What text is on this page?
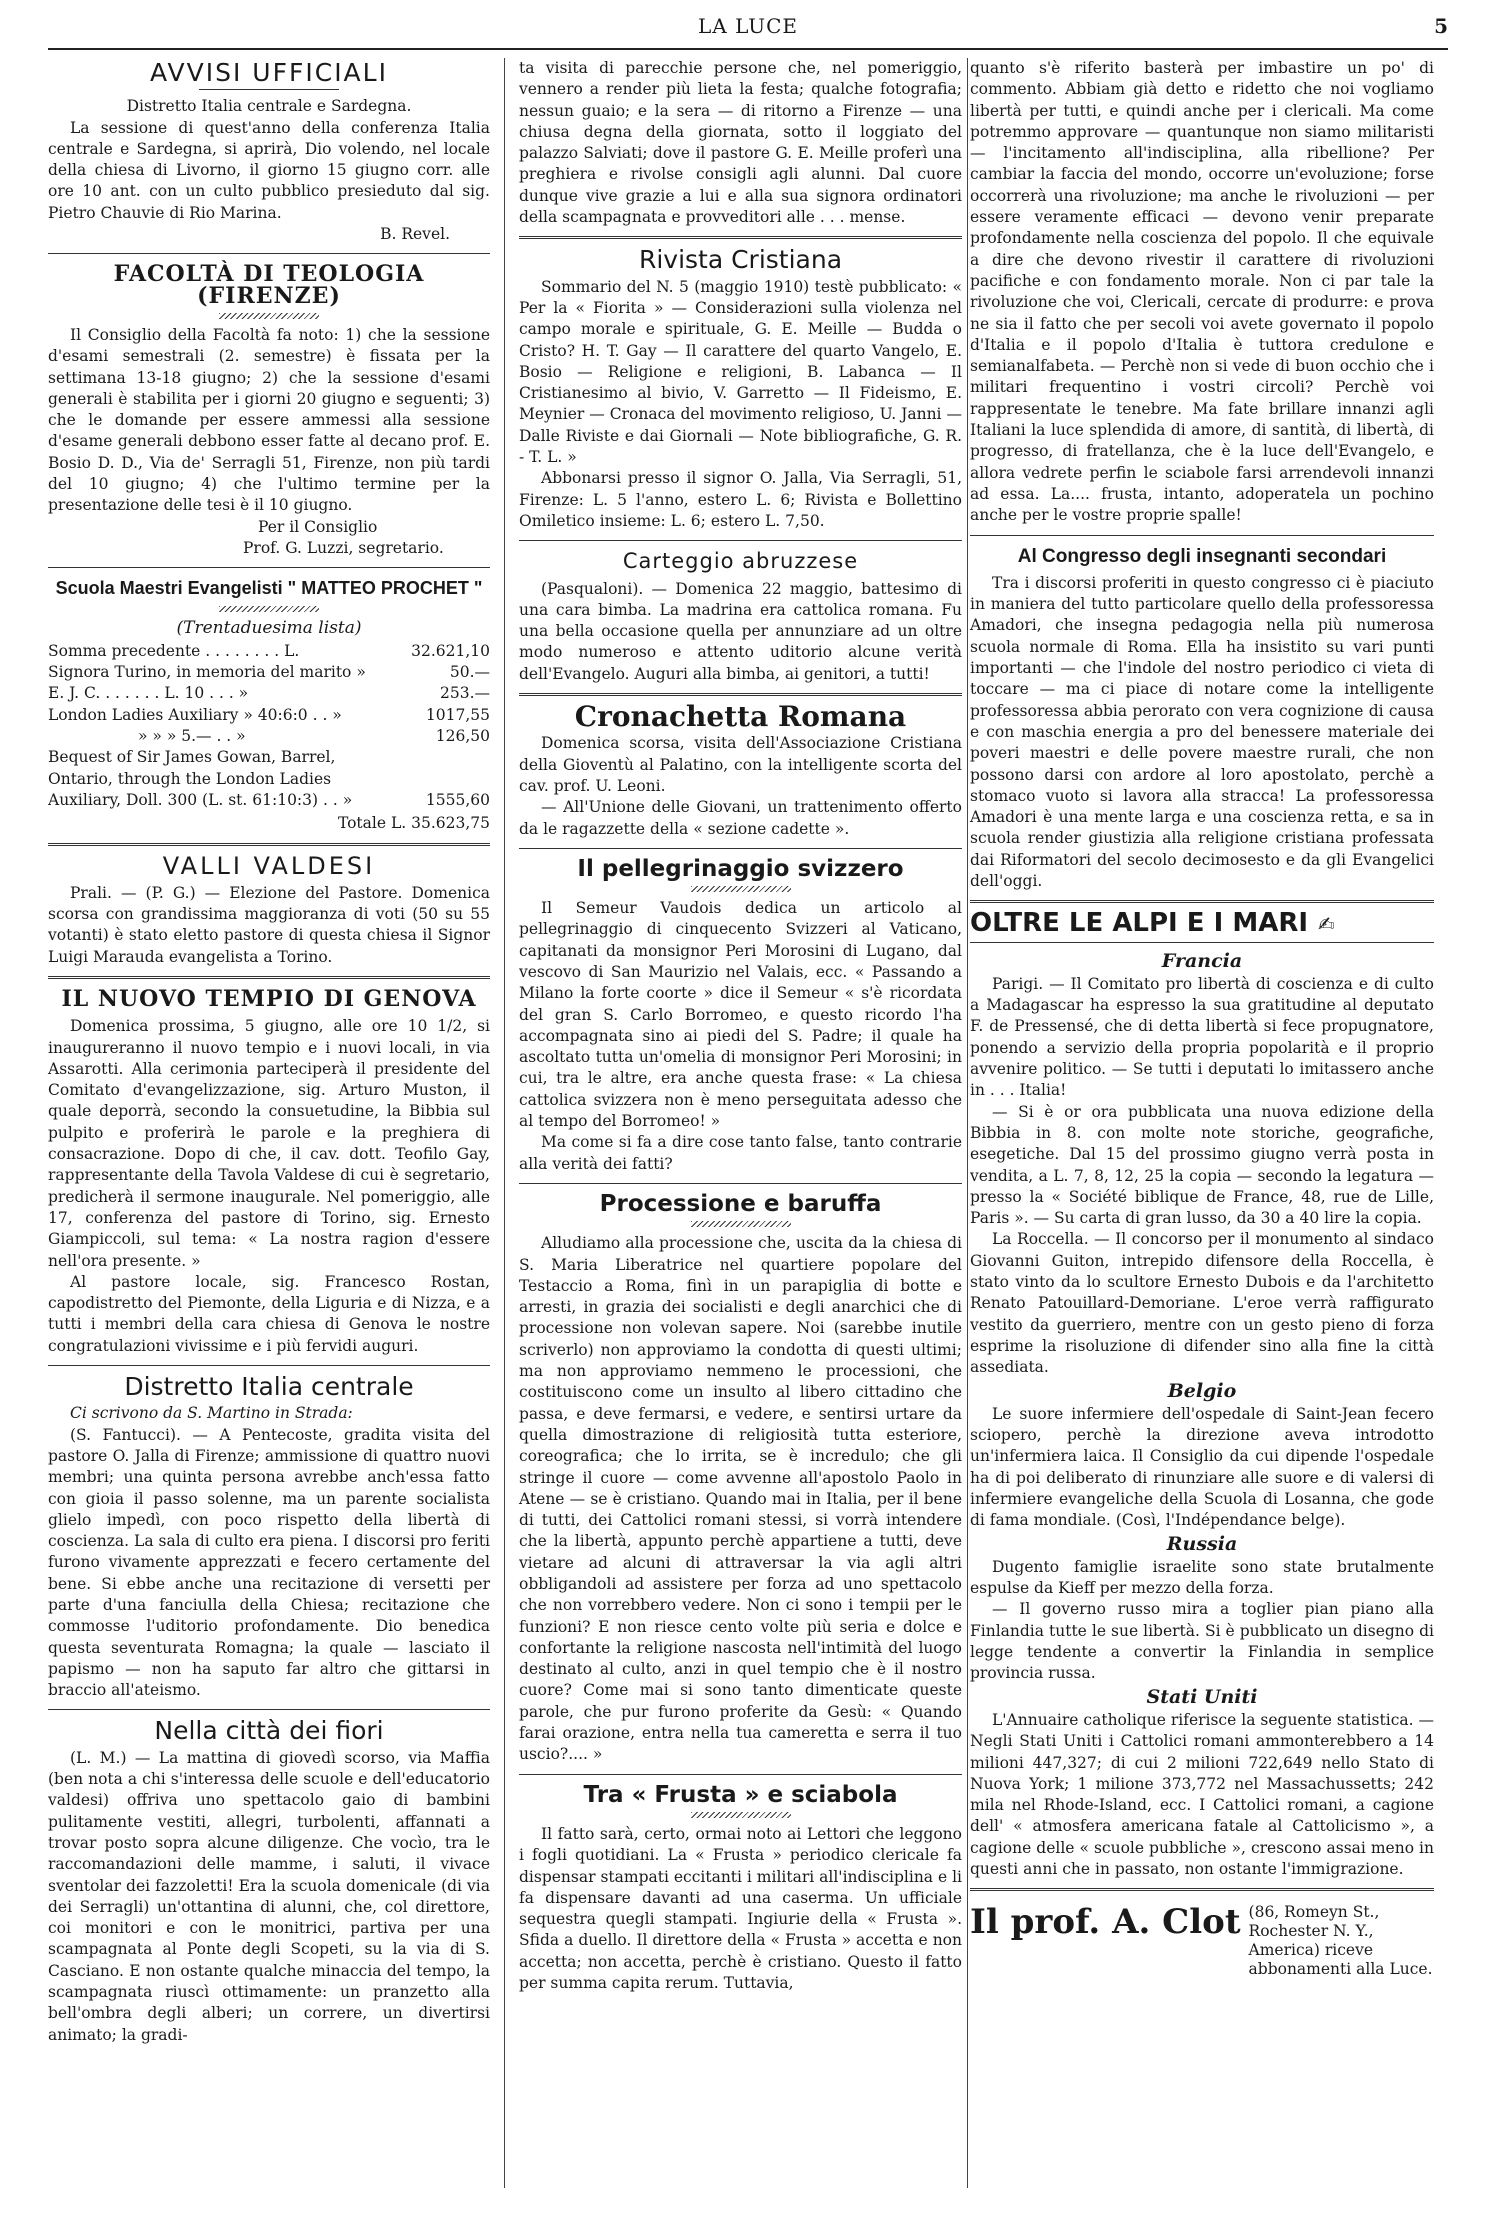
LA LUCE	5
AVVISI UFFICIALI

Distretto Italia centrale e Sardegna.

La sessione di quest'anno della conferenza Italia centrale e Sardegna, si aprirà, Dio volendo, nel locale della chiesa di Livorno, il giorno 15 giugno corr. alle ore 10 ant. con un culto pubblico presieduto dal sig. Pietro Chauvie di Rio Marina.

B. Revel.

FACOLTÀ DI TEOLOGIA (FIRENZE)

Il Consiglio della Facoltà fa noto: 1) che la sessione d'esami semestrali (2. semestre) è fissata per la settimana 13-18 giugno; 2) che la sessione d'esami generali è stabilita per i giorni 20 giugno e seguenti; 3) che le domande per essere ammessi alla sessione d'esame generali debbono esser fatte al decano prof. E. Bosio D. D., Via de' Serragli 51, Firenze, non più tardi del 10 giugno; 4) che l'ultimo termine per la presentazione delle tesi è il 10 giugno.

Per il Consiglio

Prof. G. Luzzi, segretario.

Scuola Maestri Evangelisti " MATTEO PROCHET "

(Trentaduesima lista)

Somma precedente . . . . . . . . L.	32.621,10
Signora Turino, in memoria del marito »	50.—
E. J. C. . . . . . . L. 10 . . . »	253.—
London Ladies Auxiliary » 40:6:0 . . »	1017,55
» » » 5.— . . »	126,50
Bequest of Sir James Gowan, Barrel,
Ontario, through the London Ladies
Auxiliary, Doll. 300 (L. st. 61:10:3) . . »	1555,60
Totale L. 35.623,75
VALLI VALDESI

Prali. — (P. G.) — Elezione del Pastore. Domenica scorsa con grandissima maggioranza di voti (50 su 55 votanti) è stato eletto pastore di questa chiesa il Signor Luigi Marauda evangelista a Torino.

IL NUOVO TEMPIO DI GENOVA

Domenica prossima, 5 giugno, alle ore 10 1/2, si inaugureranno il nuovo tempio e i nuovi locali, in via Assarotti. Alla cerimonia parteciperà il presidente del Comitato d'evangelizzazione, sig. Arturo Muston, il quale deporrà, secondo la consuetudine, la Bibbia sul pulpito e proferirà le parole e la preghiera di consacrazione. Dopo di che, il cav. dott. Teofilo Gay, rappresentante della Tavola Valdese di cui è segretario, predicherà il sermone inaugurale. Nel pomeriggio, alle 17, conferenza del pastore di Torino, sig. Ernesto Giampiccoli, sul tema: « La nostra ragion d'essere nell'ora presente. »

Al pastore locale, sig. Francesco Rostan, capodistretto del Piemonte, della Liguria e di Nizza, e a tutti i membri della cara chiesa di Genova le nostre congratulazioni vivissime e i più fervidi auguri.

Distretto Italia centrale

Ci scrivono da S. Martino in Strada:

(S. Fantucci). — A Pentecoste, gradita visita del pastore O. Jalla di Firenze; ammissione di quattro nuovi membri; una quinta persona avrebbe anch'essa fatto con gioia il passo solenne, ma un parente socialista glielo impedì, con poco rispetto della libertà di coscienza. La sala di culto era piena. I discorsi pro feriti furono vivamente apprezzati e fecero certamente del bene. Si ebbe anche una recitazione di versetti per parte d'una fanciulla della Chiesa; recitazione che commosse l'uditorio profondamente. Dio benedica questa seventurata Romagna; la quale — lasciato il papismo — non ha saputo far altro che gittarsi in braccio all'ateismo.

Nella città dei fiori

(L. M.) — La mattina di giovedì scorso, via Maffia (ben nota a chi s'interessa delle scuole e dell'educatorio valdesi) offriva uno spettacolo gaio di bambini pulitamente vestiti, allegri, turbolenti, affannati a trovar posto sopra alcune diligenze. Che vocìo, tra le raccomandazioni delle mamme, i saluti, il vivace sventolar dei fazzoletti! Era la scuola domenicale (di via dei Serragli) un'ottantina di alunni, che, col direttore, coi monitori e con le monitrici, partiva per una scampagnata al Ponte degli Scopeti, su la via di S. Casciano. E non ostante qualche minaccia del tempo, la scampagnata riuscì ottimamente: un pranzetto alla bell'ombra degli alberi; un correre, un divertirsi animato; la gradi-

ta visita di parecchie persone che, nel pomeriggio, vennero a render più lieta la festa; qualche fotografia; nessun guaio; e la sera — di ritorno a Firenze — una chiusa degna della giornata, sotto il loggiato del palazzo Salviati; dove il pastore G. E. Meille proferì una preghiera e rivolse consigli agli alunni. Dal cuore dunque vive grazie a lui e alla sua signora ordinatori della scampagnata e provveditori alle . . . mense.

Rivista Cristiana

Sommario del N. 5 (maggio 1910) testè pubblicato: « Per la « Fiorita » — Considerazioni sulla violenza nel campo morale e spirituale, G. E. Meille — Budda o Cristo? H. T. Gay — Il carattere del quarto Vangelo, E. Bosio — Religione e religioni, B. Labanca — Il Cristianesimo al bivio, V. Garretto — Il Fideismo, E. Meynier — Cronaca del movimento religioso, U. Janni — Dalle Riviste e dai Giornali — Note bibliografiche, G. R. - T. L. »

Abbonarsi presso il signor O. Jalla, Via Serragli, 51, Firenze: L. 5 l'anno, estero L. 6; Rivista e Bollettino Omiletico insieme: L. 6; estero L. 7,50.

Carteggio abruzzese

(Pasqualoni). — Domenica 22 maggio, battesimo di una cara bimba. La madrina era cattolica romana. Fu una bella occasione quella per annunziare ad un oltre modo numeroso e attento uditorio alcune verità dell'Evangelo. Auguri alla bimba, ai genitori, a tutti!

Cronachetta Romana

Domenica scorsa, visita dell'Associazione Cristiana della Gioventù al Palatino, con la intelligente scorta del cav. prof. U. Leoni.

— All'Unione delle Giovani, un trattenimento offerto da le ragazzette della « sezione cadette ».

Il pellegrinaggio svizzero

Il Semeur Vaudois dedica un articolo al pellegrinaggio di cinquecento Svizzeri al Vaticano, capitanati da monsignor Peri Morosini di Lugano, dal vescovo di San Maurizio nel Valais, ecc. « Passando a Milano la forte coorte » dice il Semeur « s'è ricordata del gran S. Carlo Borromeo, e questo ricordo l'ha accompagnata sino ai piedi del S. Padre; il quale ha ascoltato tutta un'omelia di monsignor Peri Morosini; in cui, tra le altre, era anche questa frase: « La chiesa cattolica svizzera non è meno perseguitata adesso che al tempo del Borromeo! »

Ma come si fa a dire cose tanto false, tanto contrarie alla verità dei fatti?

Processione e baruffa

Alludiamo alla processione che, uscita da la chiesa di S. Maria Liberatrice nel quartiere popolare del Testaccio a Roma, finì in un parapiglia di botte e arresti, in grazia dei socialisti e degli anarchici che di processione non volevan sapere. Noi (sarebbe inutile scriverlo) non approviamo la condotta di questi ultimi; ma non approviamo nemmeno le processioni, che costituiscono come un insulto al libero cittadino che passa, e deve fermarsi, e vedere, e sentirsi urtare da quella dimostrazione di religiosità tutta esteriore, coreografica; che lo irrita, se è incredulo; che gli stringe il cuore — come avvenne all'apostolo Paolo in Atene — se è cristiano. Quando mai in Italia, per il bene di tutti, dei Cattolici romani stessi, si vorrà intendere che la libertà, appunto perchè appartiene a tutti, deve vietare ad alcuni di attraversar la via agli altri obbligandoli ad assistere per forza ad uno spettacolo che non vorrebbero vedere. Non ci sono i tempii per le funzioni? E non riesce cento volte più seria e dolce e confortante la religione nascosta nell'intimità del luogo destinato al culto, anzi in quel tempio che è il nostro cuore? Come mai si sono tanto dimenticate queste parole, che pur furono proferite da Gesù: « Quando farai orazione, entra nella tua cameretta e serra il tuo uscio?.... »

Tra « Frusta » e sciabola

Il fatto sarà, certo, ormai noto ai Lettori che leggono i fogli quotidiani. La « Frusta » periodico clericale fa dispensar stampati eccitanti i militari all'indisciplina e li fa dispensare davanti ad una caserma. Un ufficiale sequestra quegli stampati. Ingiurie della « Frusta ». Sfida a duello. Il direttore della « Frusta » accetta e non accetta; non accetta, perchè è cristiano. Questo il fatto per summa capita rerum. Tuttavia,

quanto s'è riferito basterà per imbastire un po' di commento. Abbiam già detto e ridetto che noi vogliamo libertà per tutti, e quindi anche per i clericali. Ma come potremmo approvare — quantunque non siamo militaristi — l'incitamento all'indisciplina, alla ribellione? Per cambiar la faccia del mondo, occorre un'evoluzione; forse occorrerà una rivoluzione; ma anche le rivoluzioni — per essere veramente efficaci — devono venir preparate profondamente nella coscienza del popolo. Il che equivale a dire che devono rivestir il carattere di rivoluzioni pacifiche e con fondamento morale. Non ci par tale la rivoluzione che voi, Clericali, cercate di produrre: e prova ne sia il fatto che per secoli voi avete governato il popolo d'Italia e il popolo d'Italia è tuttora credulone e semianalfabeta. — Perchè non si vede di buon occhio che i militari frequentino i vostri circoli? Perchè voi rappresentate le tenebre. Ma fate brillare innanzi agli Italiani la luce splendida di amore, di santità, di libertà, di progresso, di fratellanza, che è la luce dell'Evangelo, e allora vedrete perfin le sciabole farsi arrendevoli innanzi ad essa. La.... frusta, intanto, adoperatela un pochino anche per le vostre proprie spalle!

Al Congresso degli insegnanti secondari

Tra i discorsi proferiti in questo congresso ci è piaciuto in maniera del tutto particolare quello della professoressa Amadori, che insegna pedagogia nella più numerosa scuola normale di Roma. Ella ha insistito su vari punti importanti — che l'indole del nostro periodico ci vieta di toccare — ma ci piace di notare come la intelligente professoressa abbia perorato con vera cognizione di causa e con maschia energia a pro del benessere materiale dei poveri maestri e delle povere maestre rurali, che non possono darsi con ardore al loro apostolato, perchè a stomaco vuoto si lavora alla stracca! La professoressa Amadori è una mente larga e una coscienza retta, e sa in scuola render giustizia alla religione cristiana professata dai Riformatori del secolo decimosesto e da gli Evangelici dell'oggi.

OLTRE LE ALPI E I MARI ✍
Francia

Parigi. — Il Comitato pro libertà di coscienza e di culto a Madagascar ha espresso la sua gratitudine al deputato F. de Pressensé, che di detta libertà si fece propugnatore, ponendo a servizio della propria popolarità e il proprio avvenire politico. — Se tutti i deputati lo imitassero anche in . . . Italia!

— Si è or ora pubblicata una nuova edizione della Bibbia in 8. con molte note storiche, geografiche, esegetiche. Dal 15 del prossimo giugno verrà posta in vendita, a L. 7, 8, 12, 25 la copia — secondo la legatura — presso la « Société biblique de France, 48, rue de Lille, Paris ». — Su carta di gran lusso, da 30 a 40 lire la copia.

La Roccella. — Il concorso per il monumento al sindaco Giovanni Guiton, intrepido difensore della Roccella, è stato vinto da lo scultore Ernesto Dubois e da l'architetto Renato Patouillard-Demoriane. L'eroe verrà raffigurato vestito da guerriero, mentre con un gesto pieno di forza esprime la risoluzione di difender sino alla fine la città assediata.

Belgio

Le suore infermiere dell'ospedale di Saint-Jean fecero sciopero, perchè la direzione aveva introdotto un'infermiera laica. Il Consiglio da cui dipende l'ospedale ha di poi deliberato di rinunziare alle suore e di valersi di infermiere evangeliche della Scuola di Losanna, che gode di fama mondiale. (Così, l'Indépendance belge).

Russia

Dugento famiglie israelite sono state brutalmente espulse da Kieff per mezzo della forza.

— Il governo russo mira a toglier pian piano alla Finlandia tutte le sue libertà. Si è pubblicato un disegno di legge tendente a convertir la Finlandia in semplice provincia russa.

Stati Uniti

L'Annuaire catholique riferisce la seguente statistica. — Negli Stati Uniti i Cattolici romani ammonterebbero a 14 milioni 447,327; di cui 2 milioni 722,649 nello Stato di Nuova York; 1 milione 373,772 nel Massachussetts; 242 mila nel Rhode-Island, ecc. I Cattolici romani, a cagione dell' « atmosfera americana fatale al Cattolicismo », a cagione delle « scuole pubbliche », crescono assai meno in questi anni che in passato, non ostante l'immigrazione.

Il prof. A. Clot (86, Romeyn St., Rochester N. Y., America) riceve abbonamenti alla Luce.
